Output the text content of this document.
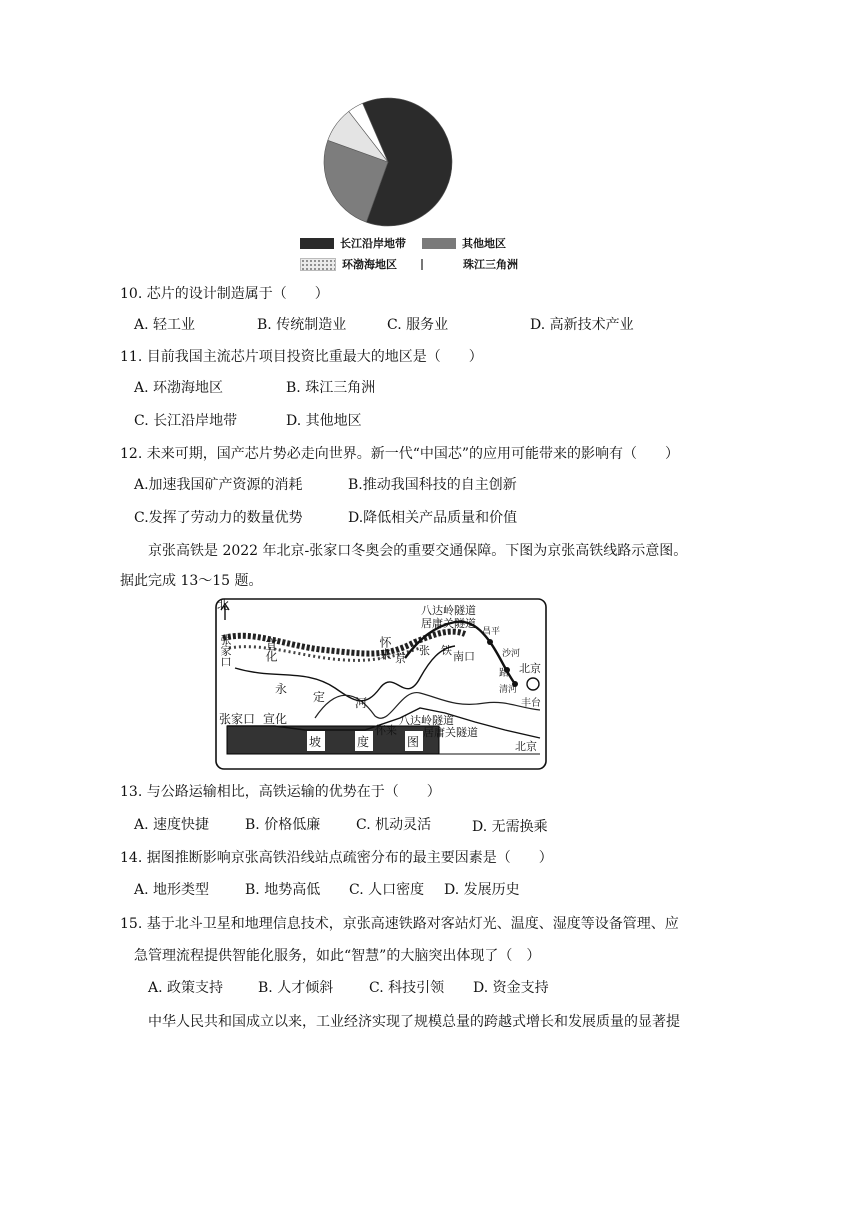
长江沿岸地带	其他地区
环渤海地区	珠江三角洲
10. 芯片的设计制造属于（　　）
A. 轻工业	B. 传统制造业	C. 服务业	D. 高新技术产业
11. 目前我国主流芯片项目投资比重最大的地区是（　　）
A. 环渤海地区	B. 珠江三角洲
C. 长江沿岸地带	D. 其他地区
12. 未来可期，国产芯片势必走向世界。新一代“中国芯”的应用可能带来的影响有（　　）
A.加速我国矿产资源的消耗	B.推动我国科技的自主创新
C.发挥了劳动力的数量优势	D.降低相关产品质量和价值
京张高铁是 2022 年北京-张家口冬奥会的重要交通保障。下图为京张高铁线路示意图。
据此完成 13～15 题。
北
张家口	宣化
永
定 河
怀来
八达岭隧道
居庸关隧道
昌平
南口	沙河
北京
清河
丰台
京
张 铁
路
张家口 宣化
怀来
八达岭隧道
居庸关隧道
北京
坡	度	图
13. 与公路运输相比，高铁运输的优势在于（　　）
A. 速度快捷	B. 价格低廉	C. 机动灵活	D. 无需换乘
14. 据图推断影响京张高铁沿线站点疏密分布的最主要因素是（　　）
A. 地形类型	B. 地势高低 C. 人口密度 D. 发展历史
15. 基于北斗卫星和地理信息技术，京张高速铁路对客站灯光、温度、湿度等设备管理、应
急管理流程提供智能化服务，如此“智慧”的大脑突出体现了（　）
A. 政策支持 B. 人才倾斜	C. 科技引领 D. 资金支持
中华人民共和国成立以来，工业经济实现了规模总量的跨越式增长和发展质量的显著提
